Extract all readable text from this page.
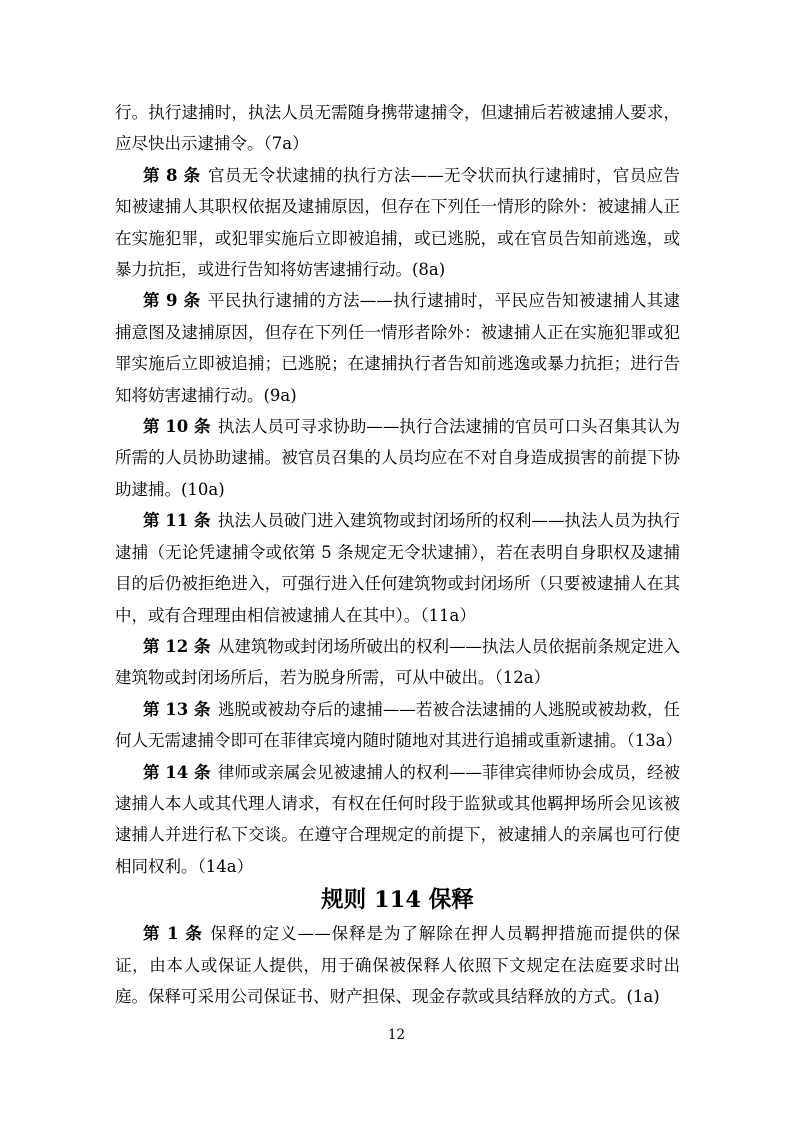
行。执行逮捕时，执法人员无需随身携带逮捕令，但逮捕后若被逮捕人要求，应尽快出示逮捕令。（7a）

第 8 条 官员无令状逮捕的执行方法——无令状而执行逮捕时，官员应告知被逮捕人其职权依据及逮捕原因，但存在下列任一情形的除外：被逮捕人正在实施犯罪，或犯罪实施后立即被追捕，或已逃脱，或在官员告知前逃逸，或暴力抗拒，或进行告知将妨害逮捕行动。(8a)

第 9 条 平民执行逮捕的方法——执行逮捕时，平民应告知被逮捕人其逮捕意图及逮捕原因，但存在下列任一情形者除外：被逮捕人正在实施犯罪或犯罪实施后立即被追捕；已逃脱；在逮捕执行者告知前逃逸或暴力抗拒；进行告知将妨害逮捕行动。(9a)

第 10 条 执法人员可寻求协助——执行合法逮捕的官员可口头召集其认为所需的人员协助逮捕。被官员召集的人员均应在不对自身造成损害的前提下协助逮捕。(10a)

第 11 条 执法人员破门进入建筑物或封闭场所的权利——执法人员为执行逮捕（无论凭逮捕令或依第 5 条规定无令状逮捕），若在表明自身职权及逮捕目的后仍被拒绝进入，可强行进入任何建筑物或封闭场所（只要被逮捕人在其中，或有合理理由相信被逮捕人在其中）。（11a）

第 12 条 从建筑物或封闭场所破出的权利——执法人员依据前条规定进入建筑物或封闭场所后，若为脱身所需，可从中破出。（12a）

第 13 条 逃脱或被劫夺后的逮捕——若被合法逮捕的人逃脱或被劫救，任何人无需逮捕令即可在菲律宾境内随时随地对其进行追捕或重新逮捕。（13a）

第 14 条 律师或亲属会见被逮捕人的权利——菲律宾律师协会成员，经被逮捕人本人或其代理人请求，有权在任何时段于监狱或其他羁押场所会见该被逮捕人并进行私下交谈。在遵守合理规定的前提下，被逮捕人的亲属也可行使相同权利。（14a）

规则 114 保释

第 1 条 保释的定义——保释是为了解除在押人员羁押措施而提供的保证，由本人或保证人提供，用于确保被保释人依照下文规定在法庭要求时出庭。保释可采用公司保证书、财产担保、现金存款或具结释放的方式。(1a)

12
